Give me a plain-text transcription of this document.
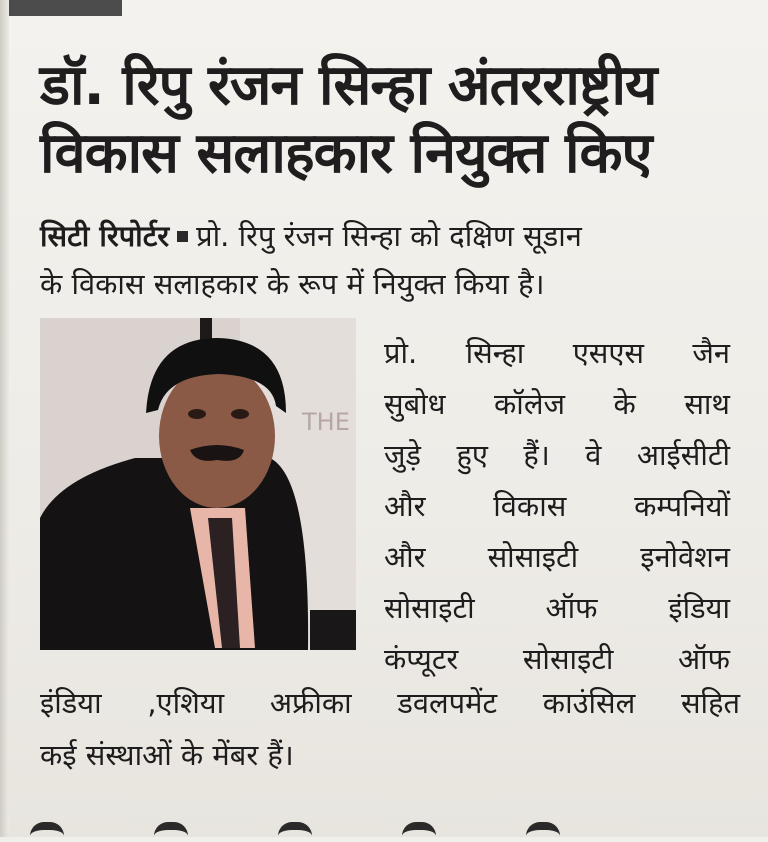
डॉ. रिपु रंजन सिन्हा अंतरराष्ट्रीय
विकास सलाहकार नियुक्त किए
सिटी रिपोर्टर प्रो. रिपु रंजन सिन्हा को दक्षिण सूडान
के विकास सलाहकार के रूप में नियुक्त किया है।
THE
प्रो. सिन्हा एसएस जैन
सुबोध कॉलेज के साथ
जुड़े हुए हैं। वे आईसीटी
और विकास कम्पनियों
और सोसाइटी इनोवेशन
सोसाइटी ऑफ इंडिया
कंप्यूटर सोसाइटी ऑफ
इंडिया ,एशिया अफ्रीका डवलपमेंट काउंसिल सहित
कई संस्थाओं के मेंबर हैं।
